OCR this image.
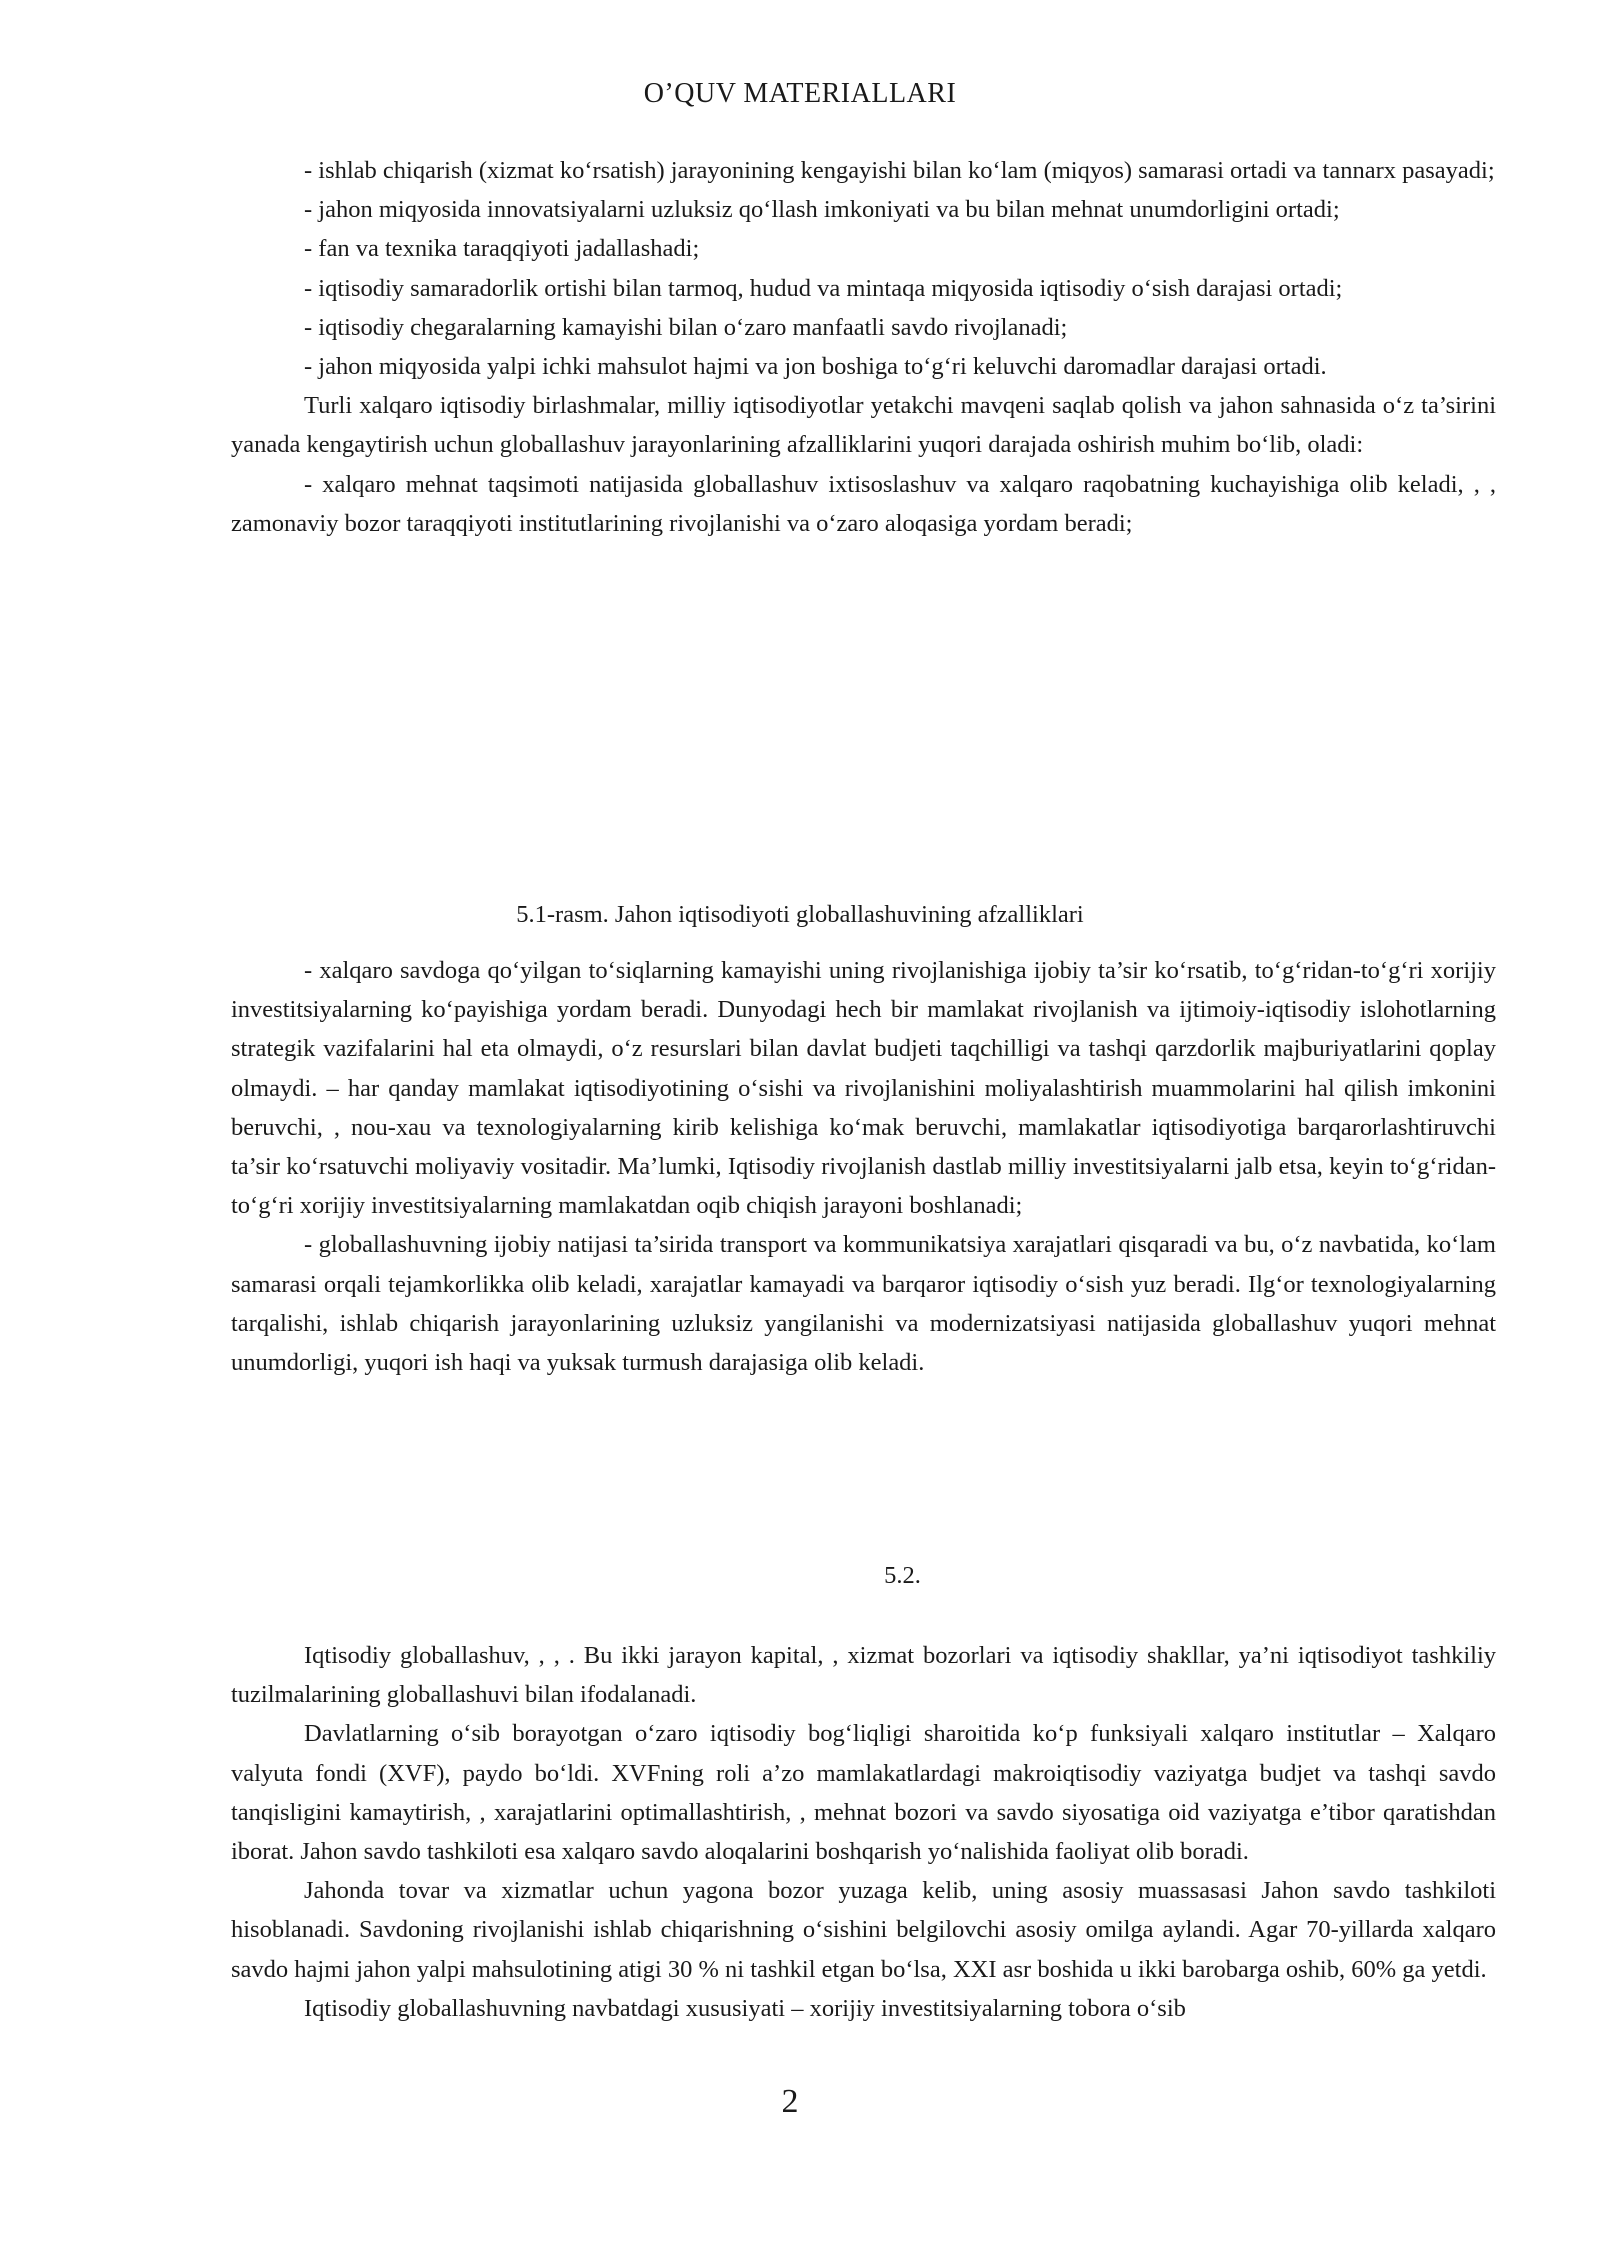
O’QUV MATERIALLARI

- ishlab chiqarish (xizmat ko‘rsatish) jarayonining kengayishi bilan ko‘lam (miqyos) samarasi ortadi va tannarx pasayadi;

- jahon miqyosida innovatsiyalarni uzluksiz qo‘llash imkoniyati va bu bilan mehnat unumdorligini ortadi;

- fan va texnika taraqqiyoti jadallashadi;

- iqtisodiy samaradorlik ortishi bilan tarmoq, hudud va mintaqa miqyosida iqtisodiy o‘sish darajasi ortadi;

- iqtisodiy chegaralarning kamayishi bilan o‘zaro manfaatli savdo rivojlanadi;

- jahon miqyosida yalpi ichki mahsulot hajmi va jon boshiga to‘g‘ri keluvchi daromadlar darajasi ortadi.

Turli xalqaro iqtisodiy birlashmalar, milliy iqtisodiyotlar yetakchi mavqeni saqlab qolish va jahon sahnasida o‘z ta’sirini yanada kengaytirish uchun globallashuv jarayonlarining afzalliklarini yuqori darajada oshirish muhim bo‘lib, oladi:

- xalqaro mehnat taqsimoti natijasida globallashuv ixtisoslashuv va xalqaro raqobatning kuchayishiga olib keladi, , , zamonaviy bozor taraqqiyoti institutlarining rivojlanishi va o‘zaro aloqasiga yordam beradi;

5.1-rasm. Jahon iqtisodiyoti globallashuvining afzalliklari

- xalqaro savdoga qo‘yilgan to‘siqlarning kamayishi uning rivojlanishiga ijobiy ta’sir ko‘rsatib, to‘g‘ridan-to‘g‘ri xorijiy investitsiyalarning ko‘payishiga yordam beradi. Dunyodagi hech bir mamlakat rivojlanish va ijtimoiy-iqtisodiy islohotlarning strategik vazifalarini hal eta olmaydi, o‘z resurslari bilan davlat budjeti taqchilligi va tashqi qarzdorlik majburiyatlarini qoplay olmaydi. – har qanday mamlakat iqtisodiyotining o‘sishi va rivojlanishini moliyalashtirish muammolarini hal qilish imkonini beruvchi, , nou-xau va texnologiyalarning kirib kelishiga ko‘mak beruvchi, mamlakatlar iqtisodiyotiga barqarorlashtiruvchi ta’sir ko‘rsatuvchi moliyaviy vositadir. Ma’lumki, Iqtisodiy rivojlanish dastlab milliy investitsiyalarni jalb etsa, keyin to‘g‘ridan-to‘g‘ri xorijiy investitsiyalarning mamlakatdan oqib chiqish jarayoni boshlanadi;

- globallashuvning ijobiy natijasi ta’sirida transport va kommunikatsiya xarajatlari qisqaradi va bu, o‘z navbatida, ko‘lam samarasi orqali tejamkorlikka olib keladi, xarajatlar kamayadi va barqaror iqtisodiy o‘sish yuz beradi. Ilg‘or texnologiyalarning tarqalishi, ishlab chiqarish jarayonlarining uzluksiz yangilanishi va modernizatsiyasi natijasida globallashuv yuqori mehnat unumdorligi, yuqori ish haqi va yuksak turmush darajasiga olib keladi.

5.2.

Iqtisodiy globallashuv, , , . Bu ikki jarayon kapital, , xizmat bozorlari va iqtisodiy shakllar, ya’ni iqtisodiyot tashkiliy tuzilmalarining globallashuvi bilan ifodalanadi.

Davlatlarning o‘sib borayotgan o‘zaro iqtisodiy bog‘liqligi sharoitida ko‘p funksiyali xalqaro institutlar – Xalqaro valyuta fondi (XVF), paydo bo‘ldi. XVFning roli a’zo mamlakatlardagi makroiqtisodiy vaziyatga budjet va tashqi savdo tanqisligini kamaytirish, , xarajatlarini optimallashtirish, , mehnat bozori va savdo siyosatiga oid vaziyatga e’tibor qaratishdan iborat. Jahon savdo tashkiloti esa xalqaro savdo aloqalarini boshqarish yo‘nalishida faoliyat olib boradi.

Jahonda tovar va xizmatlar uchun yagona bozor yuzaga kelib, uning asosiy muassasasi Jahon savdo tashkiloti hisoblanadi. Savdoning rivojlanishi ishlab chiqarishning o‘sishini belgilovchi asosiy omilga aylandi. Agar 70-yillarda xalqaro savdo hajmi jahon yalpi mahsulotining atigi 30 % ni tashkil etgan bo‘lsa, XXI asr boshida u ikki barobarga oshib, 60% ga yetdi.

Iqtisodiy globallashuvning navbatdagi xususiyati – xorijiy investitsiyalarning tobora o‘sib

2
